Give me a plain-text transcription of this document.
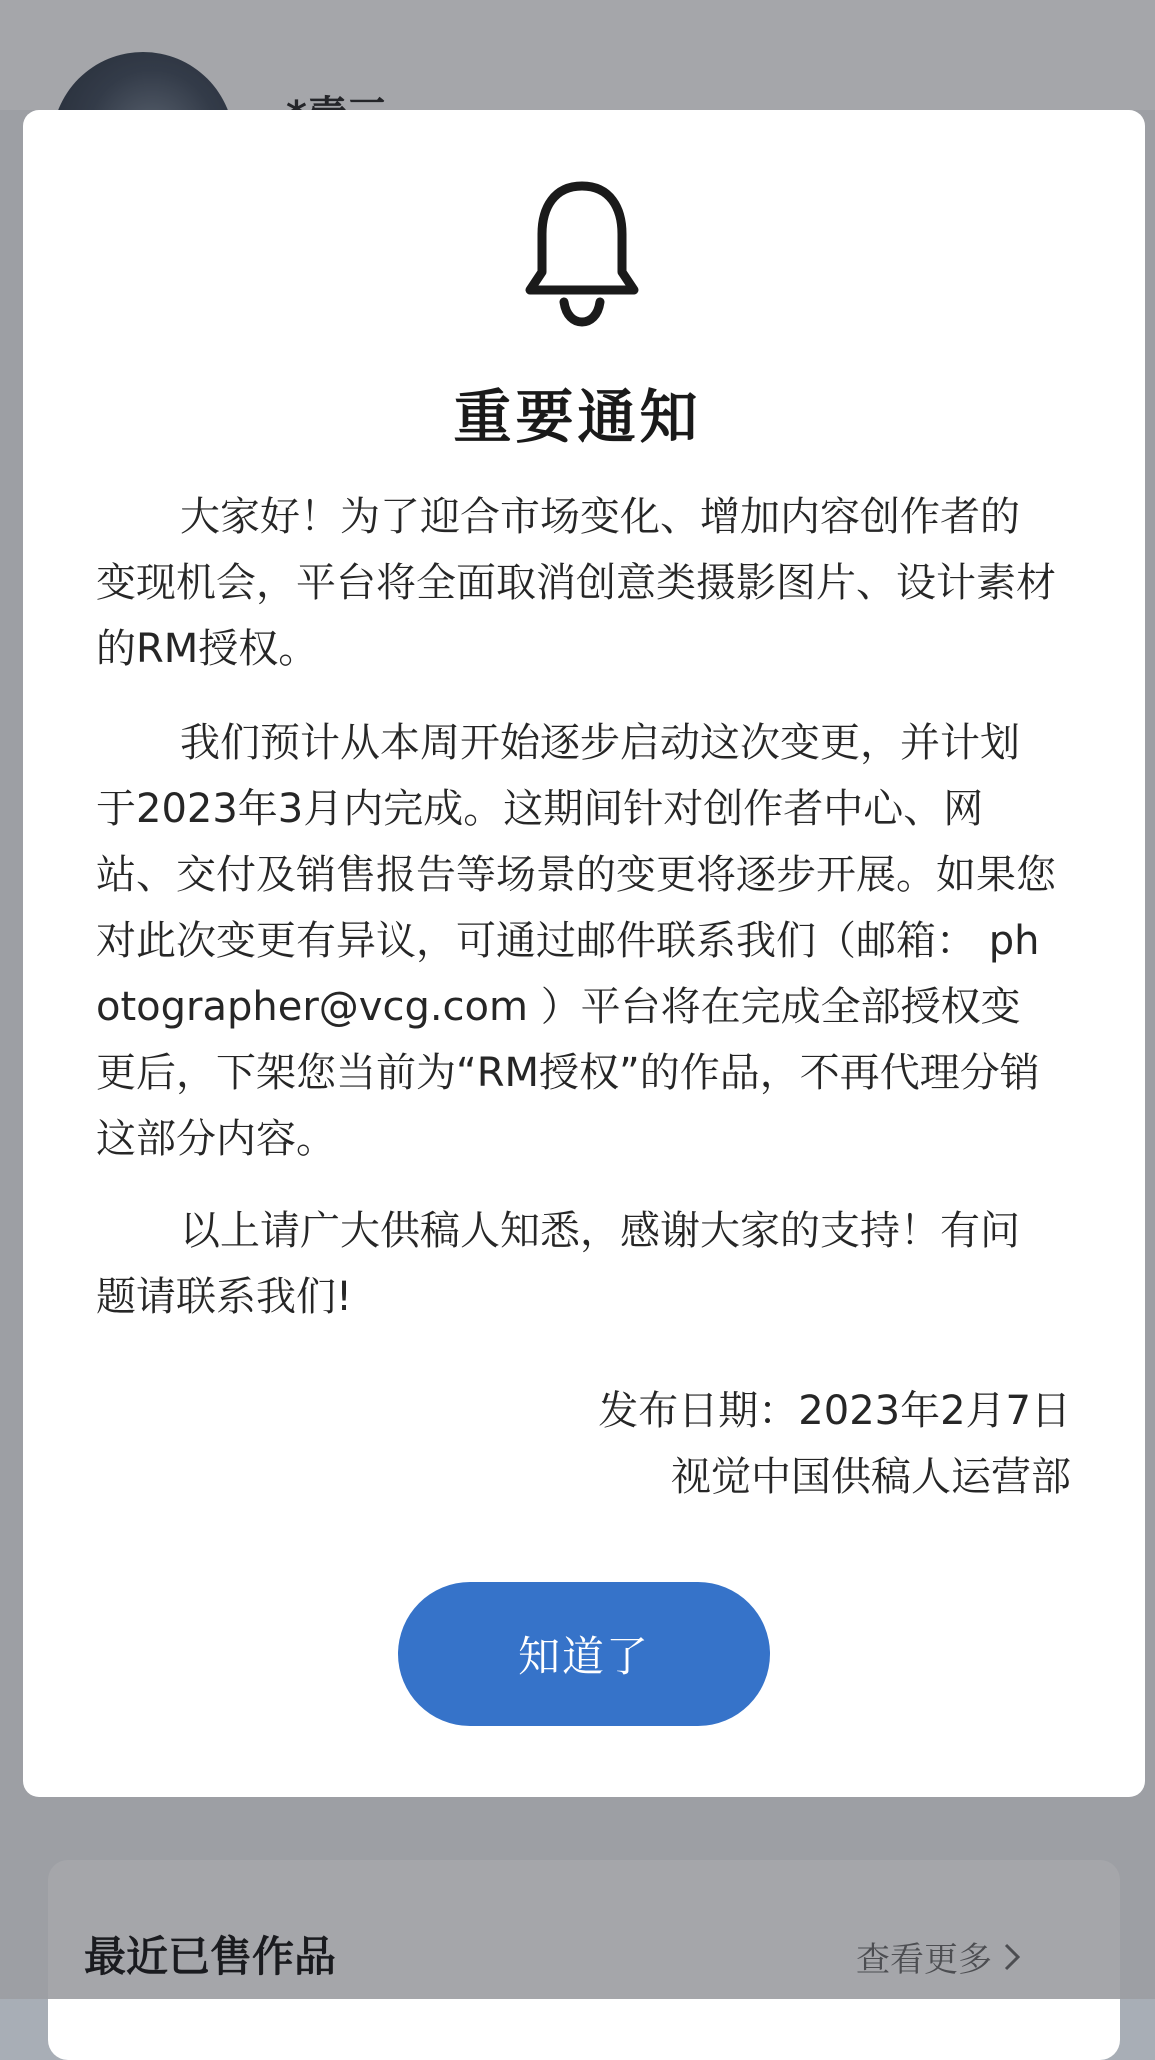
最近已售作品	查看更多
重要通知

大家好！为了迎合市场变化、增加内容创作者的变现机会，平台将全面取消创意类摄影图片、设计素材的RM授权。

我们预计从本周开始逐步启动这次变更，并计划于2023年3月内完成。这期间针对创作者中心、网站、交付及销售报告等场景的变更将逐步开展。如果您对此次变更有异议，可通过邮件联系我们（邮箱： photographer@vcg.com ）平台将在完成全部授权变更后，下架您当前为“RM授权”的作品，不再代理分销这部分内容。

以上请广大供稿人知悉，感谢大家的支持！有问题请联系我们!

发布日期：2023年2月7日
视觉中国供稿人运营部
知道了
